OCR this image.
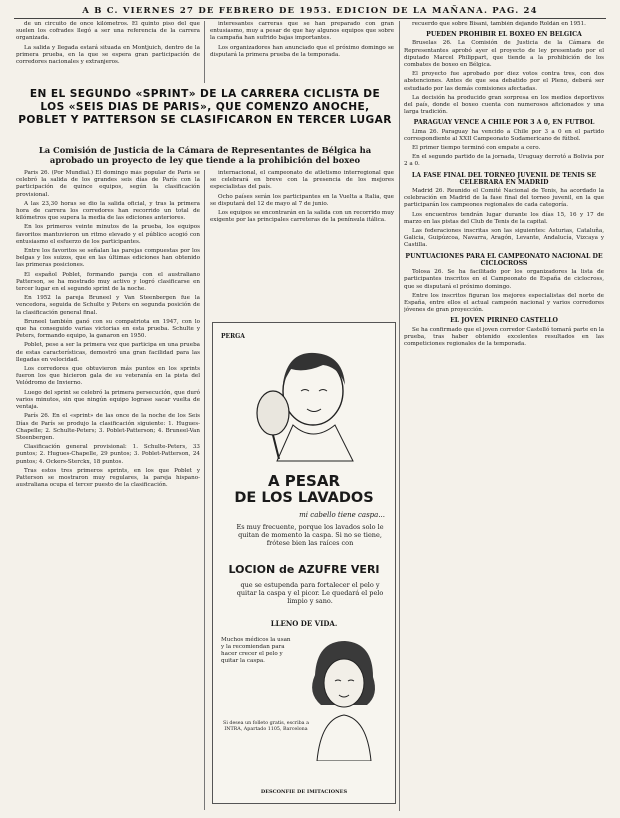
A B C. VIERNES 27 DE FEBRERO DE 1953. EDICION DE LA MAÑANA. PAG. 24

de un circuito de once kilómetros. El quinto piso del que suelen los cofrades llegó a ser una referencia de la carrera organizada.

La salida y llegada estará situada en Montjuich, dentro de la primera prueba, en la que se espera gran participación de corredores nacionales y extranjeros.

interesantes carreras que se han preparado con gran entusiasmo, muy a pesar de que hay algunos equipos que sobre la campaña han sufrido bajas importantes.

Los organizadores han anunciado que el próximo domingo se disputará la primera prueba de la temporada.

EN EL SEGUNDO «SPRINT» DE LA CARRERA CICLISTA DE LOS «SEIS DIAS DE PARIS», QUE COMENZO ANOCHE, POBLET Y PATTERSON SE CLASIFICARON EN TERCER LUGAR
La Comisión de Justicia de la Cámara de Representantes de Bélgica ha aprobado un proyecto de ley que tiende a la prohibición del boxeo

París 26. (Por Mundial.) El domingo más popular de París se celebró la salida de los grandes seis días de París con la participación de quince equipos, según la clasificación provisional.

A las 23,30 horas se dio la salida oficial, y tras la primera hora de carrera los corredores han recorrido un total de kilómetros que supera la media de las ediciones anteriores.

En los primeros veinte minutos de la prueba, los equipos favoritos mantuvieron un ritmo elevado y el público acogió con entusiasmo el esfuerzo de los participantes.

Entre los favoritos se señalan las parejas compuestas por los belgas y los suizos, que en las últimas ediciones han obtenido las primeras posiciones.

El español Poblet, formando pareja con el australiano Patterson, se ha mostrado muy activo y logró clasificarse en tercer lugar en el segundo sprint de la noche.

En 1952 la pareja Bruneel y Van Steenbergen fue la vencedora, seguida de Schulte y Peters en segunda posición de la clasificación general final.

Bruneel también ganó con su compatriota en 1947, con lo que ha conseguido varias victorias en esta prueba. Schulte y Peters, formando equipo, la ganaron en 1950.

Poblet, pese a ser la primera vez que participa en una prueba de estas características, demostró una gran facilidad para las llegadas en velocidad.

Los corredores que obtuvieron más puntos en los sprints fueron los que hicieron gala de su veteranía en la pista del Velódromo de Invierno.

Luego del sprint se celebró la primera persecución, que duró varios minutos, sin que ningún equipo lograse sacar vuelta de ventaja.

París 26. En el «sprint» de las once de la noche de los Seis Días de París se produjo la clasificación siguiente: 1. Hugues-Chapelle; 2. Schulte-Peters; 3. Poblet-Patterson; 4. Bruneel-Van Steenbergen.

Clasificación general provisional: 1. Schulte-Peters, 33 puntos; 2. Hugues-Chapelle, 29 puntos; 3. Poblet-Patterson, 24 puntos; 4. Ockers-Sterckx, 18 puntos.

Tras estos tres primeros sprints, en los que Poblet y Patterson se mostraron muy regulares, la pareja hispano-australiana ocupa el tercer puesto de la clasificación.

internacional, el campeonato de atletismo interregional que se celebrará en breve con la presencia de los mejores especialistas del país.

Ocho países serán los participantes en la Vuelta a Italia, que se disputará del 12 de mayo al 7 de junio.

Los equipos se encontrarán en la salida con un recorrido muy exigente por las principales carreteras de la península itálica.

recuerdo que sobre Bisani, también dejando Roldán en 1951.

PUEDEN PROHIBIR EL BOXEO EN BELGICA

Bruselas 26. La Comisión de Justicia de la Cámara de Representantes aprobó ayer el proyecto de ley presentado por el diputado Marcel Philippart, que tiende a la prohibición de los combates de boxeo en Bélgica.

El proyecto fue aprobado por diez votos contra tres, con dos abstenciones. Antes de que sea debatido por el Pleno, deberá ser estudiado por las demás comisiones afectadas.

La decisión ha producido gran sorpresa en los medios deportivos del país, donde el boxeo cuenta con numerosos aficionados y una larga tradición.

PARAGUAY VENCE A CHILE POR 3 A 0, EN FUTBOL

Lima 26. Paraguay ha vencido a Chile por 3 a 0 en el partido correspondiente al XXII Campeonato Sudamericano de fútbol.

El primer tiempo terminó con empate a cero.

En el segundo partido de la jornada, Uruguay derrotó a Bolivia por 2 a 0.

LA FASE FINAL DEL TORNEO JUVENIL DE TENIS SE CELEBRARA EN MADRID

Madrid 26. Reunido el Comité Nacional de Tenis, ha acordado la celebración en Madrid de la fase final del torneo juvenil, en la que participarán los campeones regionales de cada categoría.

Los encuentros tendrán lugar durante los días 15, 16 y 17 de marzo en las pistas del Club de Tenis de la capital.

Las federaciones inscritas son las siguientes: Asturias, Cataluña, Galicia, Guipúzcoa, Navarra, Aragón, Levante, Andalucía, Vizcaya y Castilla.

PUNTUACIONES PARA EL CAMPEONATO NACIONAL DE CICLOCROSS

Tolosa 26. Se ha facilitado por los organizadores la lista de participantes inscritos en el Campeonato de España de ciclocross, que se disputará el próximo domingo.

Entre los inscritos figuran los mejores especialistas del norte de España, entre ellos el actual campeón nacional y varios corredores jóvenes de gran proyección.

EL JOVEN PIRINEO CASTELLO

Se ha confirmado que el joven corredor Castelló tomará parte en la prueba, tras haber obtenido excelentes resultados en las competiciones regionales de la temporada.

PERGA
A PESAR
DE LOS LAVADOS
mi cabello tiene caspa...
Es muy frecuente, porque los lavados solo le quitan de momento la caspa. Si no se tiene, frótese bien las raíces con
LOCION de AZUFRE VERI
que se estupenda para fortalecer el pelo y quitar la caspa y el picor. Le quedará el pelo limpio y sano.
LLENO DE VIDA.
Muchos médicos la usan y la recomiendan para hacer crecer el pelo y quitar la caspa.
Si desea un folleto gratis, escriba a INTRA, Apartado 1105, Barcelona
DESCONFIE DE IMITACIONES
